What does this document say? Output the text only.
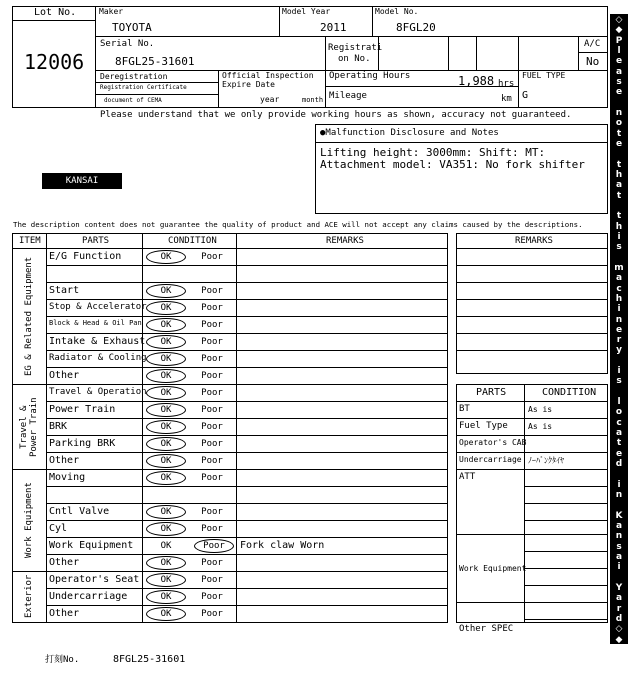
Lot No.
12006
Maker
TOYOTA
Model Year
2011
Model No.
8FGL20
Serial No.
8FGL25-31601
Registrati
on No.
A/C
No
Deregistration
Registration Certificate
document of CEMA
Official Inspection
Expire Date
year	month
Operating Hours	1,988 hrs
Mileage	km
FUEL TYPE
G
Please understand that we only provide working hours as shown, accuracy not guaranteed.
●Malfunction Disclosure and Notes
Lifting height: 3000mm: Shift: MT:
Attachment model: VA351: No fork shifter
KANSAI
The description content does not guarantee the quality of product and ACE will not accept any claims caused by the descriptions.
ITEM	PARTS	CONDITION	REMARKS
E/G Function	OK	Poor
Start	OK	Poor
Stop & Accelerator	OK	Poor
Block & Head & Oil Pan	OK	Poor
Intake & Exhaust	OK	Poor
Radiator & Cooling	OK	Poor
Other	OK	Poor
EG & Related Equipment
Travel & Operation	OK	Poor
Power Train	OK	Poor
BRK	OK	Poor
Parking BRK	OK	Poor
Other	OK	Poor
Travel & Power Train
Moving	OK	Poor
Cntl Valve	OK	Poor
Cyl	OK	Poor
Work Equipment	OK	Poor	Fork claw Worn
Other	OK	Poor
Work Equipment
Operator's Seat	OK	Poor
Undercarriage	OK	Poor
Other	OK	Poor
Exterior
REMARKS
PARTS	CONDITION
BT	As is
Fuel Type	As is
Operator's CAB
Undercarriage ﾉｰﾊﾞﾝｸﾀｲﾔ
ATT
Work Equipment
Other SPEC
◇
◆
P
l
e
a
s
e

n
o
t
e

t
h
a
t

t
h
i
s

m
a
c
h
i
n
e
r
y

i
s

l
o
c
a
t
e
d

i
n

K
a
n
s
a
i

Y
a
r
d
◇
◆
打刻No.	8FGL25-31601
